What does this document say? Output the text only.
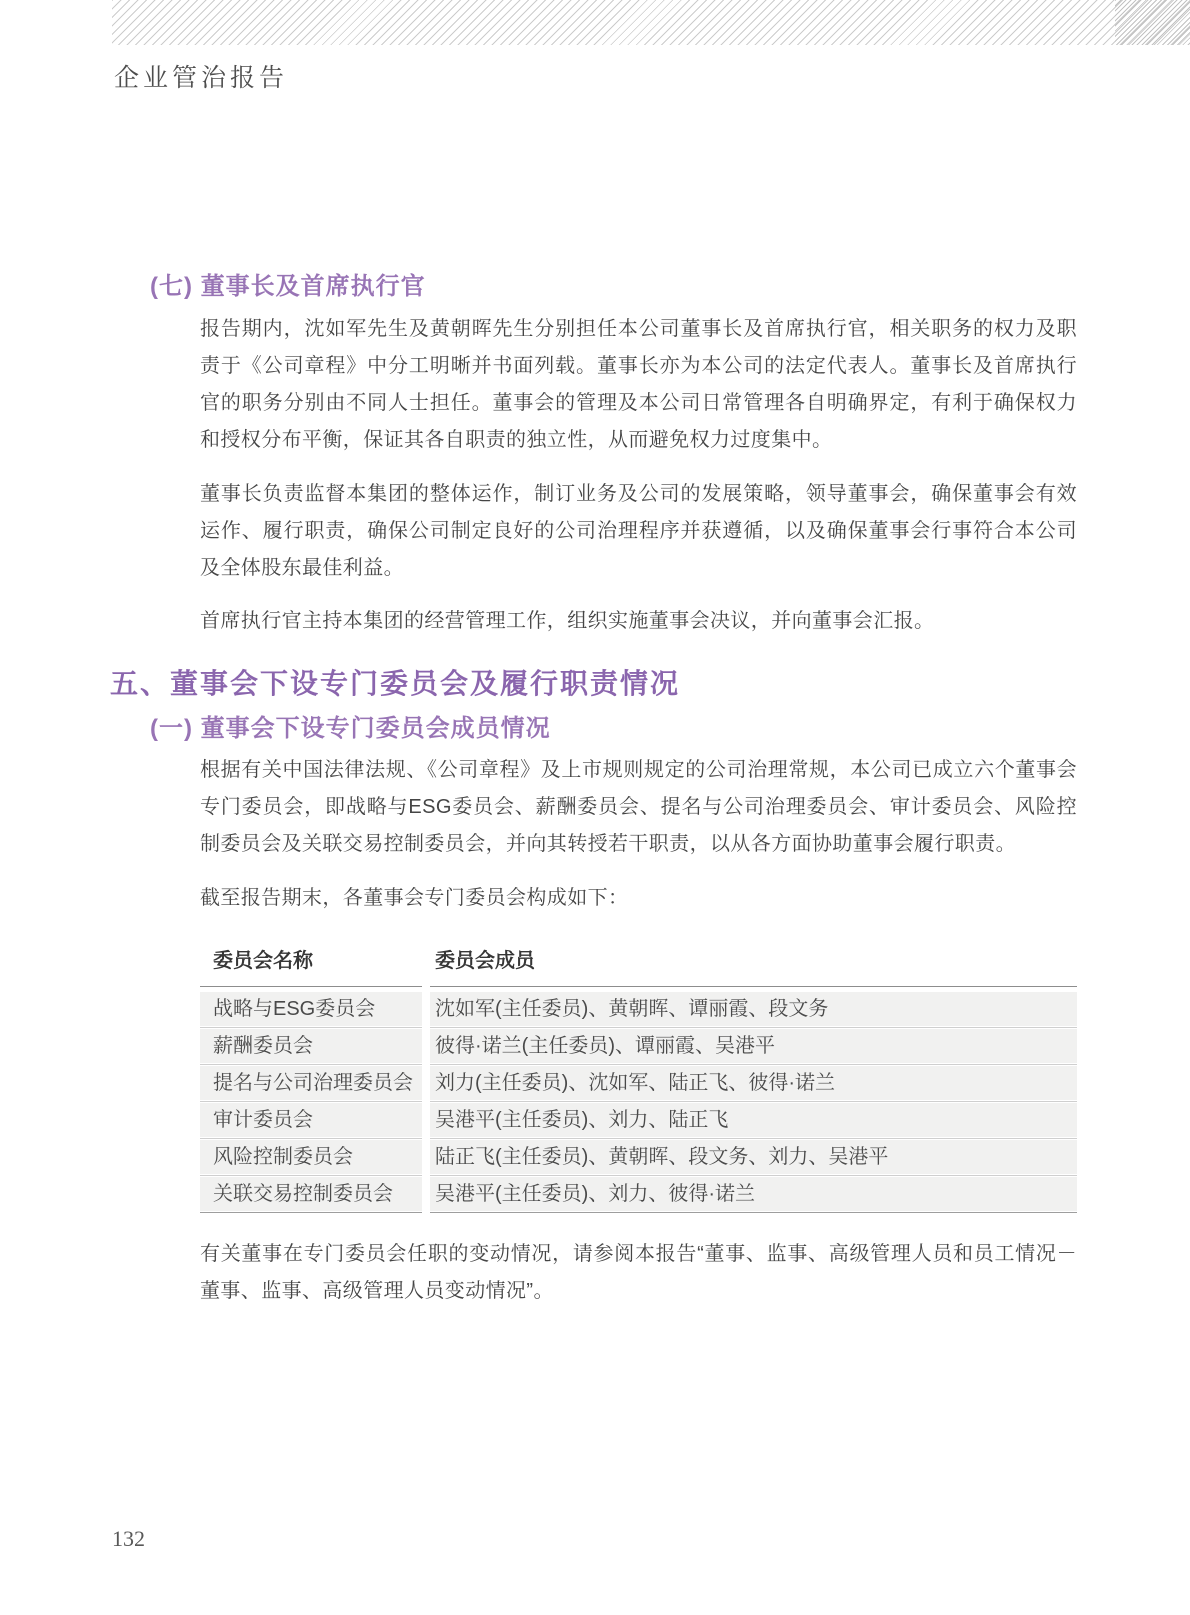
企业管治报告
(七) 董事长及首席执行官
报告期内，沈如军先生及黄朝晖先生分别担任本公司董事长及首席执行官，相关职务的权力及职责于《公司章程》中分工明晰并书面列载。董事长亦为本公司的法定代表人。董事长及首席执行官的职务分别由不同人士担任。董事会的管理及本公司日常管理各自明确界定，有利于确保权力和授权分布平衡，保证其各自职责的独立性，从而避免权力过度集中。
董事长负责监督本集团的整体运作，制订业务及公司的发展策略，领导董事会，确保董事会有效运作、履行职责，确保公司制定良好的公司治理程序并获遵循，以及确保董事会行事符合本公司及全体股东最佳利益。
首席执行官主持本集团的经营管理工作，组织实施董事会决议，并向董事会汇报。
五、董事会下设专门委员会及履行职责情况
(一) 董事会下设专门委员会成员情况
根据有关中国法律法规、《公司章程》及上市规则规定的公司治理常规，本公司已成立六个董事会专门委员会，即战略与ESG委员会、薪酬委员会、提名与公司治理委员会、审计委员会、风险控制委员会及关联交易控制委员会，并向其转授若干职责，以从各方面协助董事会履行职责。
截至报告期末，各董事会专门委员会构成如下：
委员会名称	委员会成员
战略与ESG委员会	沈如军(主任委员)、黄朝晖、谭丽霞、段文务
薪酬委员会	彼得·诺兰(主任委员)、谭丽霞、吴港平
提名与公司治理委员会	刘力(主任委员)、沈如军、陆正飞、彼得·诺兰
审计委员会	吴港平(主任委员)、刘力、陆正飞
风险控制委员会	陆正飞(主任委员)、黄朝晖、段文务、刘力、吴港平
关联交易控制委员会	吴港平(主任委员)、刘力、彼得·诺兰
有关董事在专门委员会任职的变动情况，请参阅本报告“董事、监事、高级管理人员和员工情况－董事、监事、高级管理人员变动情况”。
132
